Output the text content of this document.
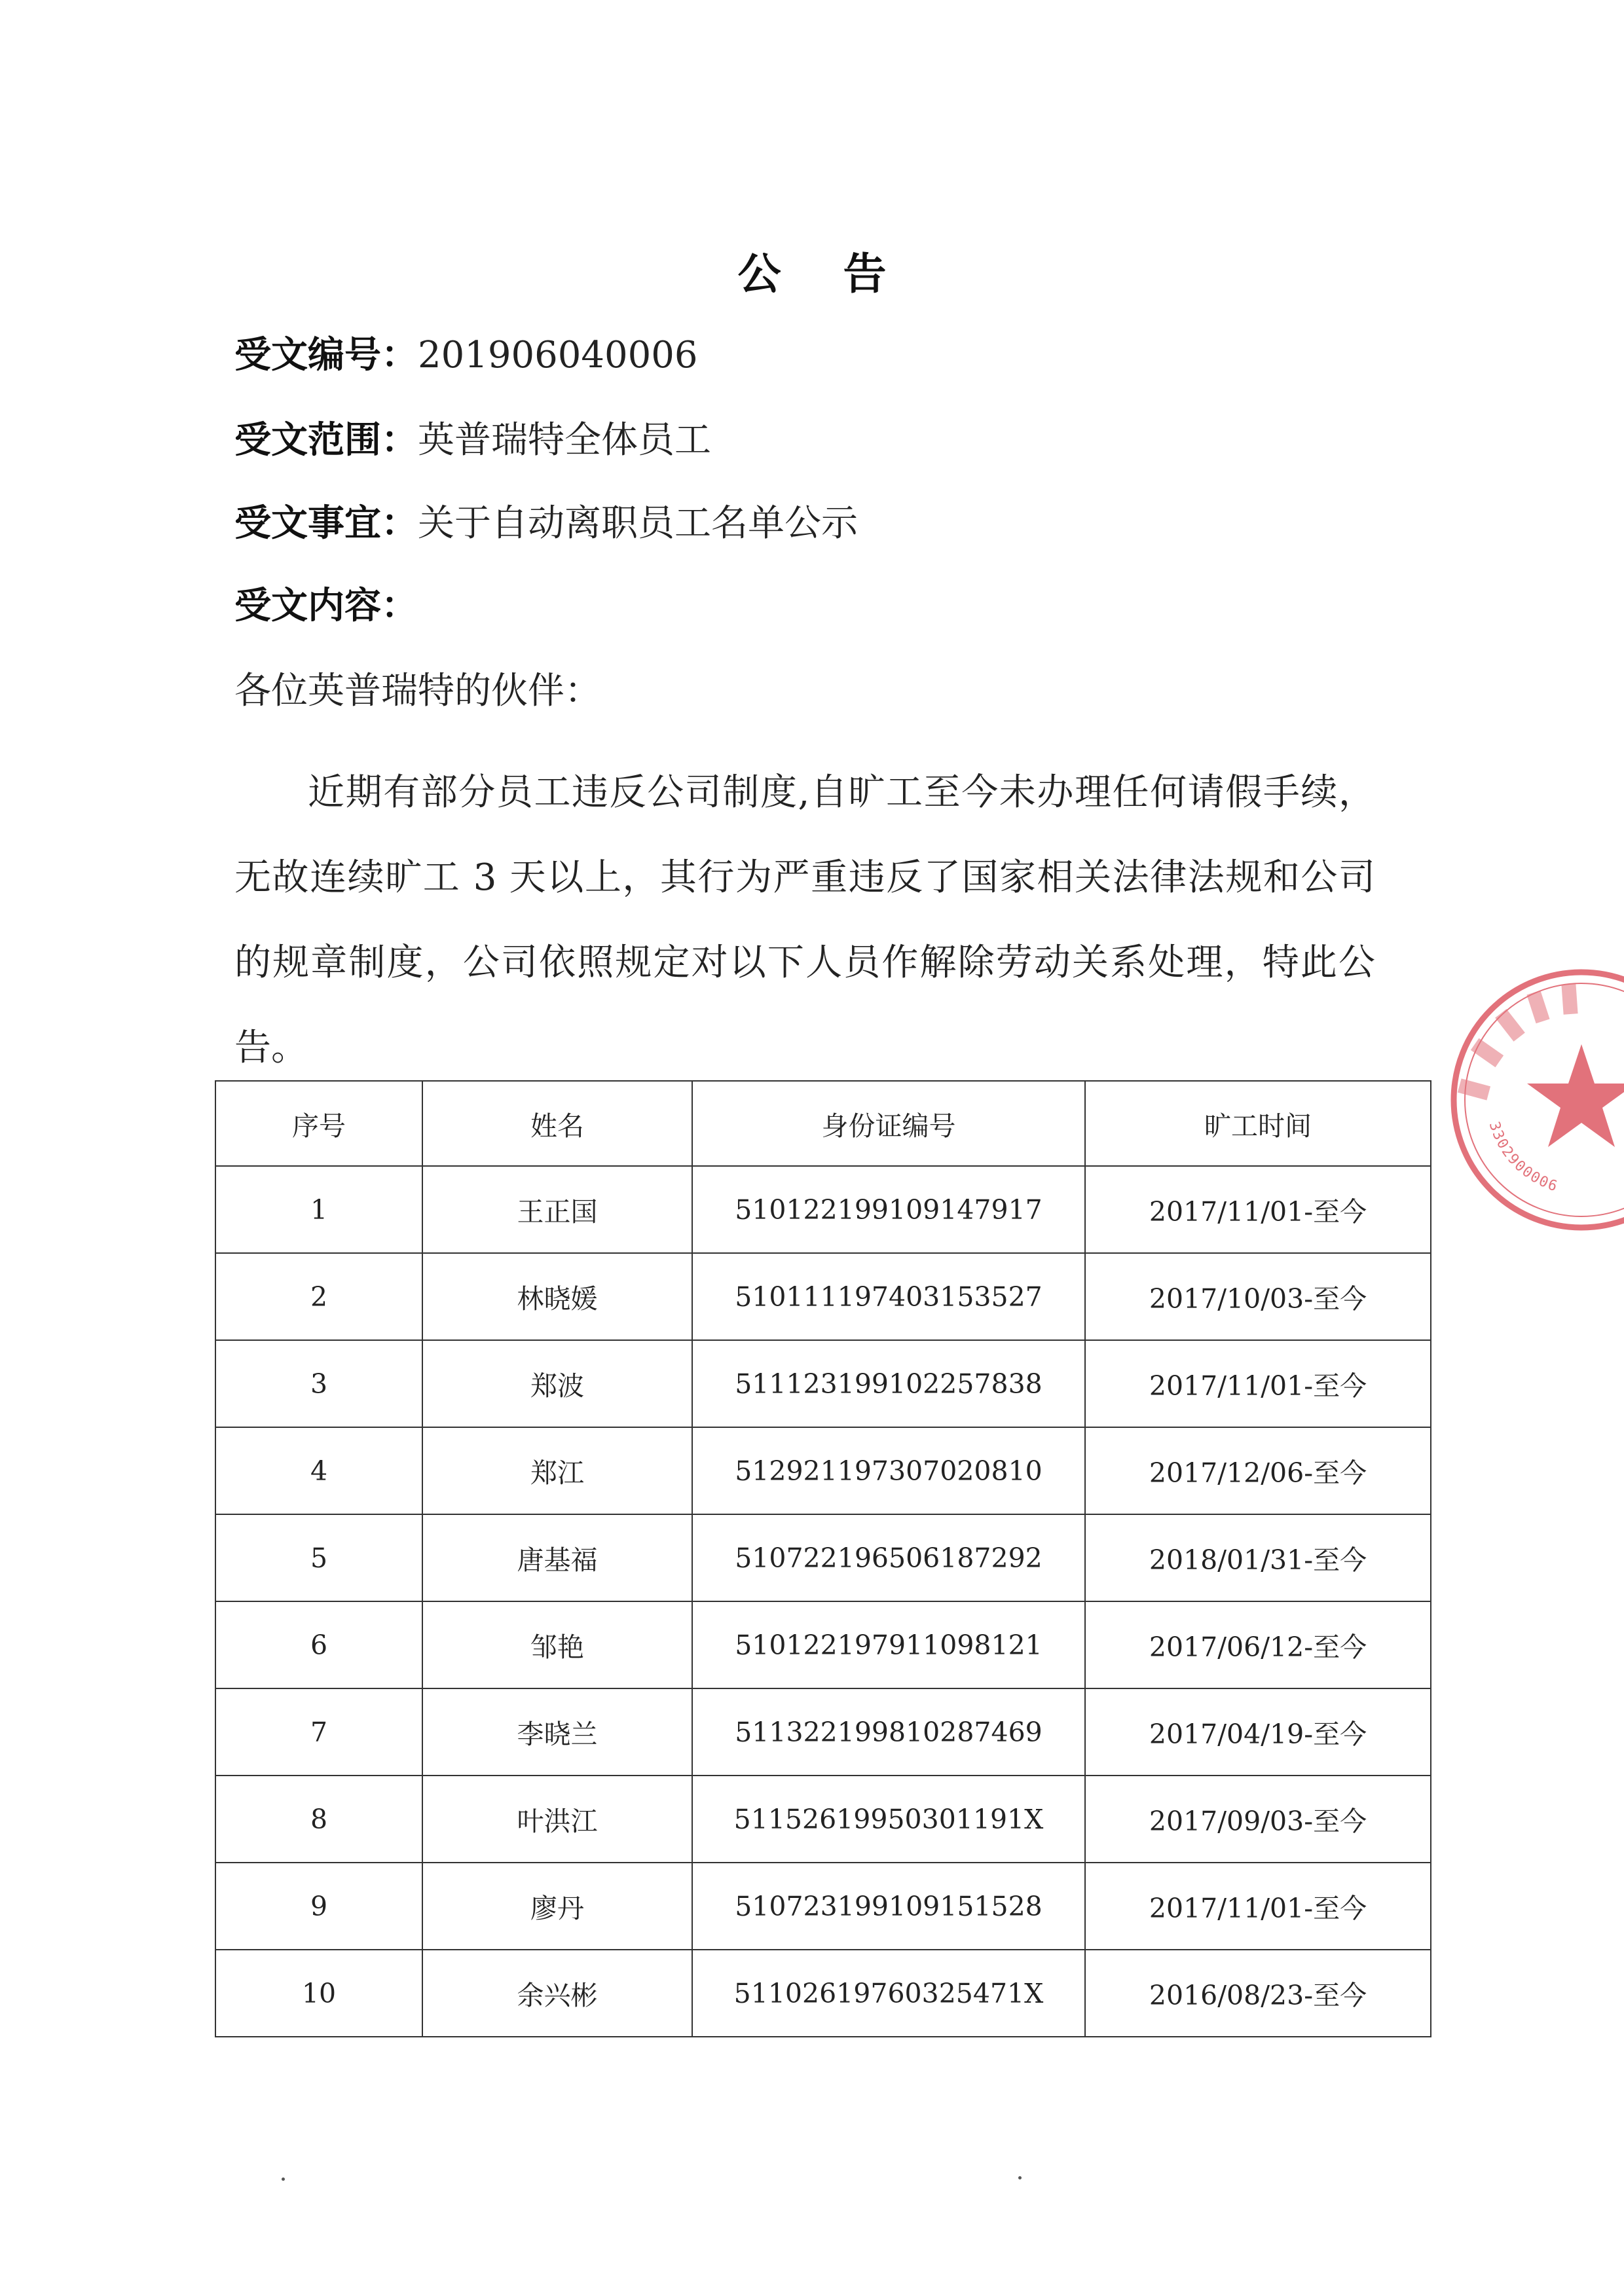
公 告
受文编号：201906040006
受文范围：英普瑞特全体员工
受文事宜：关于自动离职员工名单公示
受文内容：
各位英普瑞特的伙伴：

近期有部分员工违反公司制度,自旷工至今未办理任何请假手续，无故连续旷工 3 天以上，其行为严重违反了国家相关法律法规和公司的规章制度，公司依照规定对以下人员作解除劳动关系处理，特此公告。

序号	姓名	身份证编号	旷工时间
1	王正国	510122199109147917	2017/11/01-至今
2	林晓媛	510111197403153527	2017/10/03-至今
3	郑波	511123199102257838	2017/11/01-至今
4	郑江	512921197307020810	2017/12/06-至今
5	唐基福	510722196506187292	2018/01/31-至今
6	邹艳	510122197911098121	2017/06/12-至今
7	李晓兰	511322199810287469	2017/04/19-至今
8	叶洪江	51152619950301191X	2017/09/03-至今
9	廖丹	510723199109151528	2017/11/01-至今
10	余兴彬	51102619760325471X	2016/08/23-至今
3302900006
